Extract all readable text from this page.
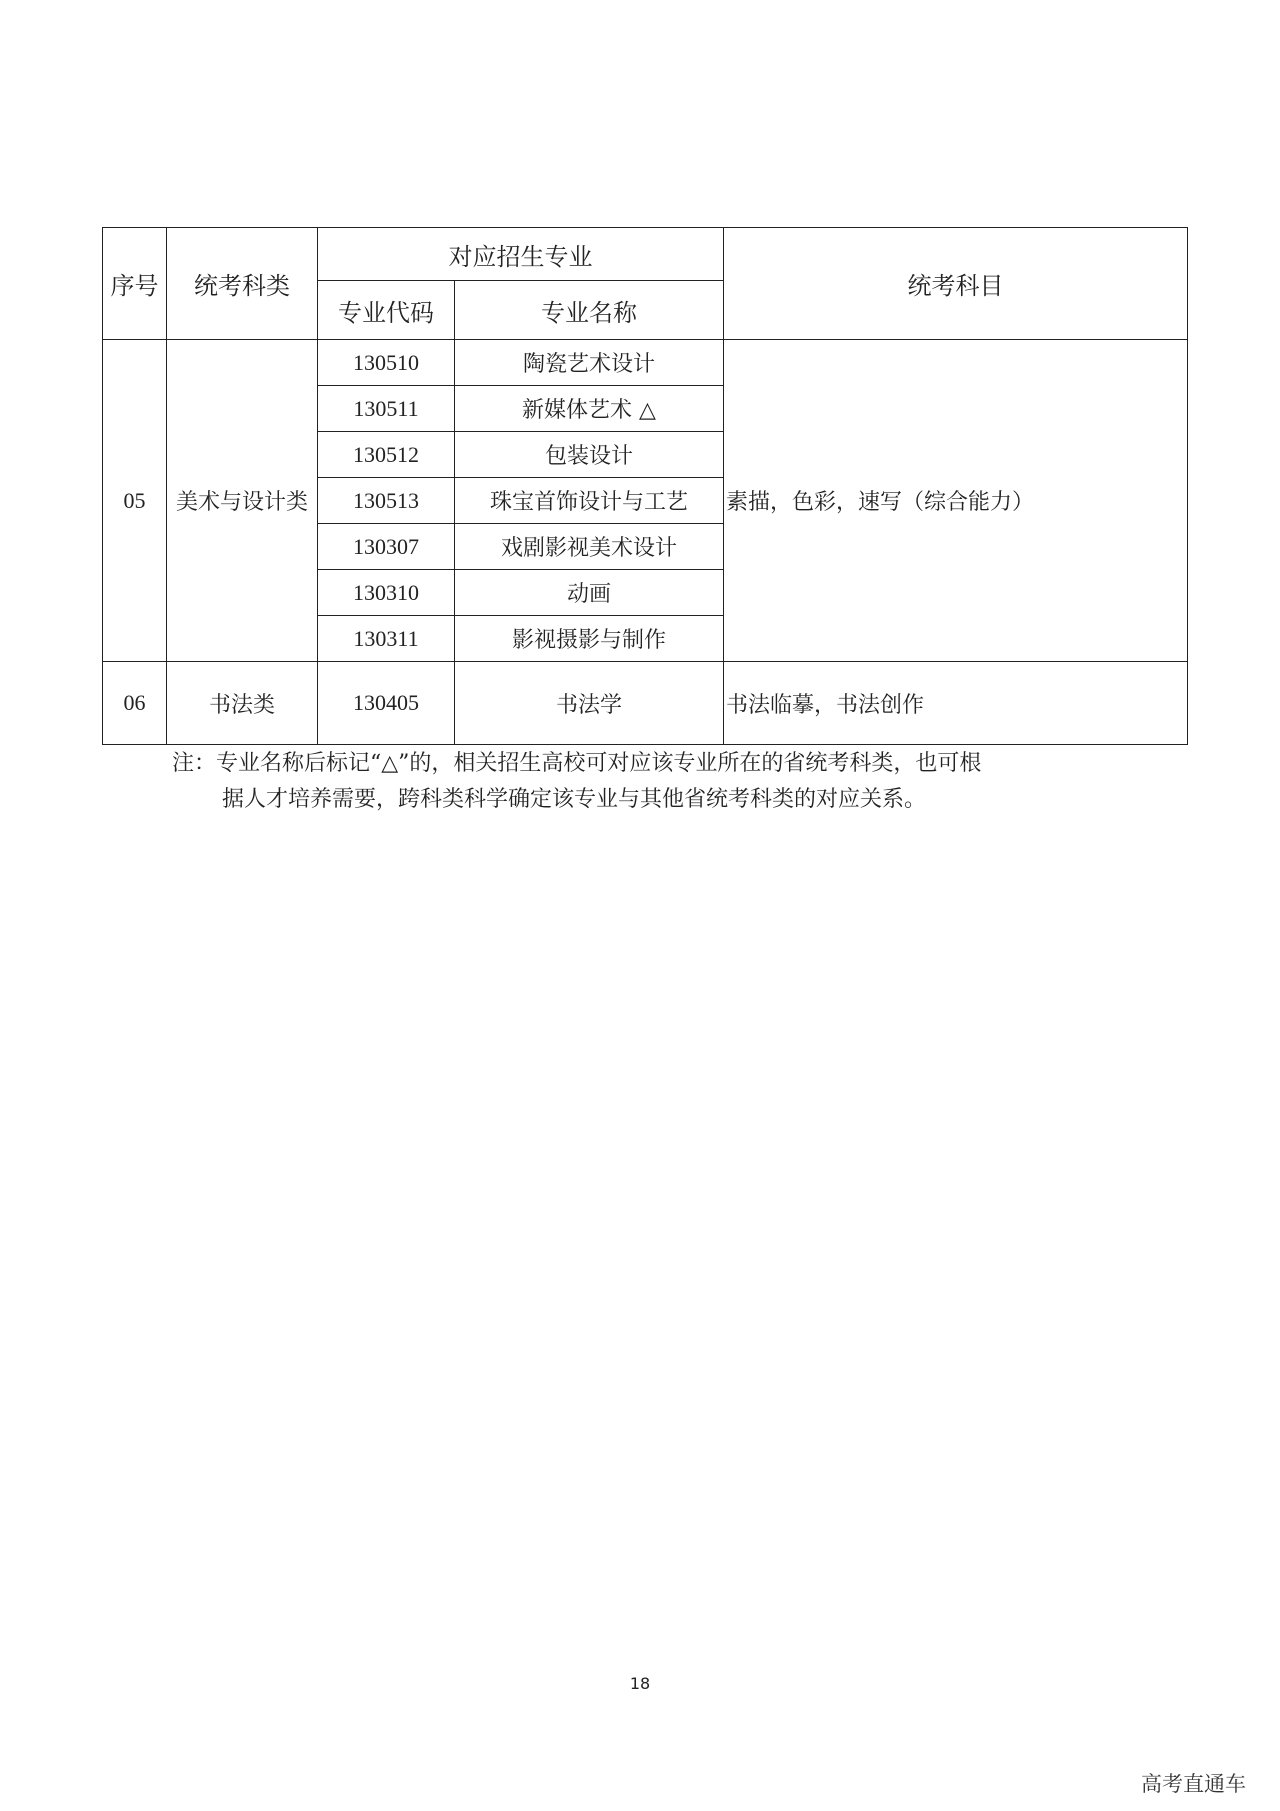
序号	统考科类	对应招生专业		统考科目
		专业代码	专业名称	
05	美术与设计类	130510	陶瓷艺术设计	素描，色彩，速写（综合能力）
		130511	新媒体艺术 △	
		130512	包装设计	
		130513	珠宝首饰设计与工艺	
		130307	戏剧影视美术设计	
		130310	动画	
		130311	影视摄影与制作	
06	书法类	130405	书法学	书法临摹，书法创作
注：专业名称后标记“△”的，相关招生高校可对应该专业所在的省统考科类，也可根
据人才培养需要，跨科类科学确定该专业与其他省统考科类的对应关系。
18
高考直通车
